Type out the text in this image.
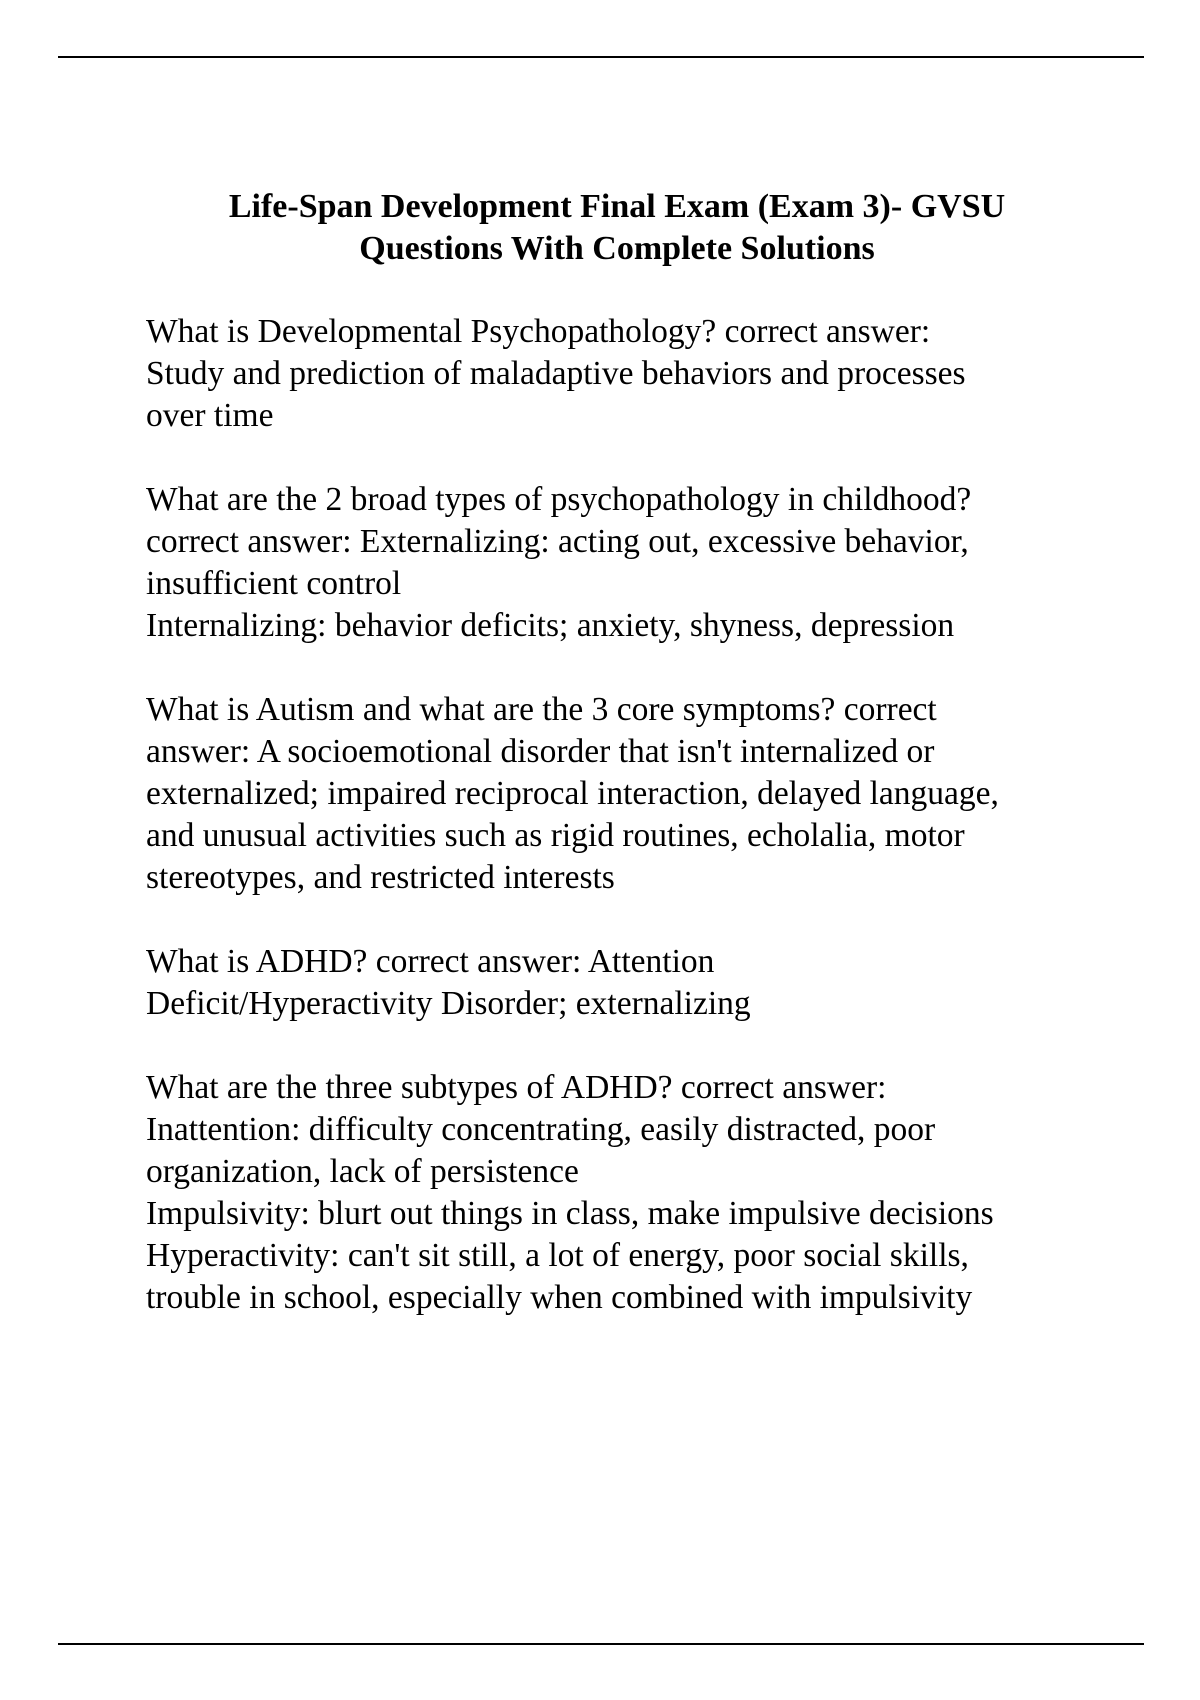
Life-Span Development Final Exam (Exam 3)- GVSU
Questions With Complete Solutions
What is Developmental Psychopathology? correct answer:
Study and prediction of maladaptive behaviors and processes
over time
What are the 2 broad types of psychopathology in childhood?
correct answer: Externalizing: acting out, excessive behavior,
insufficient control
Internalizing: behavior deficits; anxiety, shyness, depression
What is Autism and what are the 3 core symptoms? correct
answer: A socioemotional disorder that isn't internalized or
externalized; impaired reciprocal interaction, delayed language,
and unusual activities such as rigid routines, echolalia, motor
stereotypes, and restricted interests
What is ADHD? correct answer: Attention
Deficit/Hyperactivity Disorder; externalizing
What are the three subtypes of ADHD? correct answer:
Inattention: difficulty concentrating, easily distracted, poor
organization, lack of persistence
Impulsivity: blurt out things in class, make impulsive decisions
Hyperactivity: can't sit still, a lot of energy, poor social skills,
trouble in school, especially when combined with impulsivity
